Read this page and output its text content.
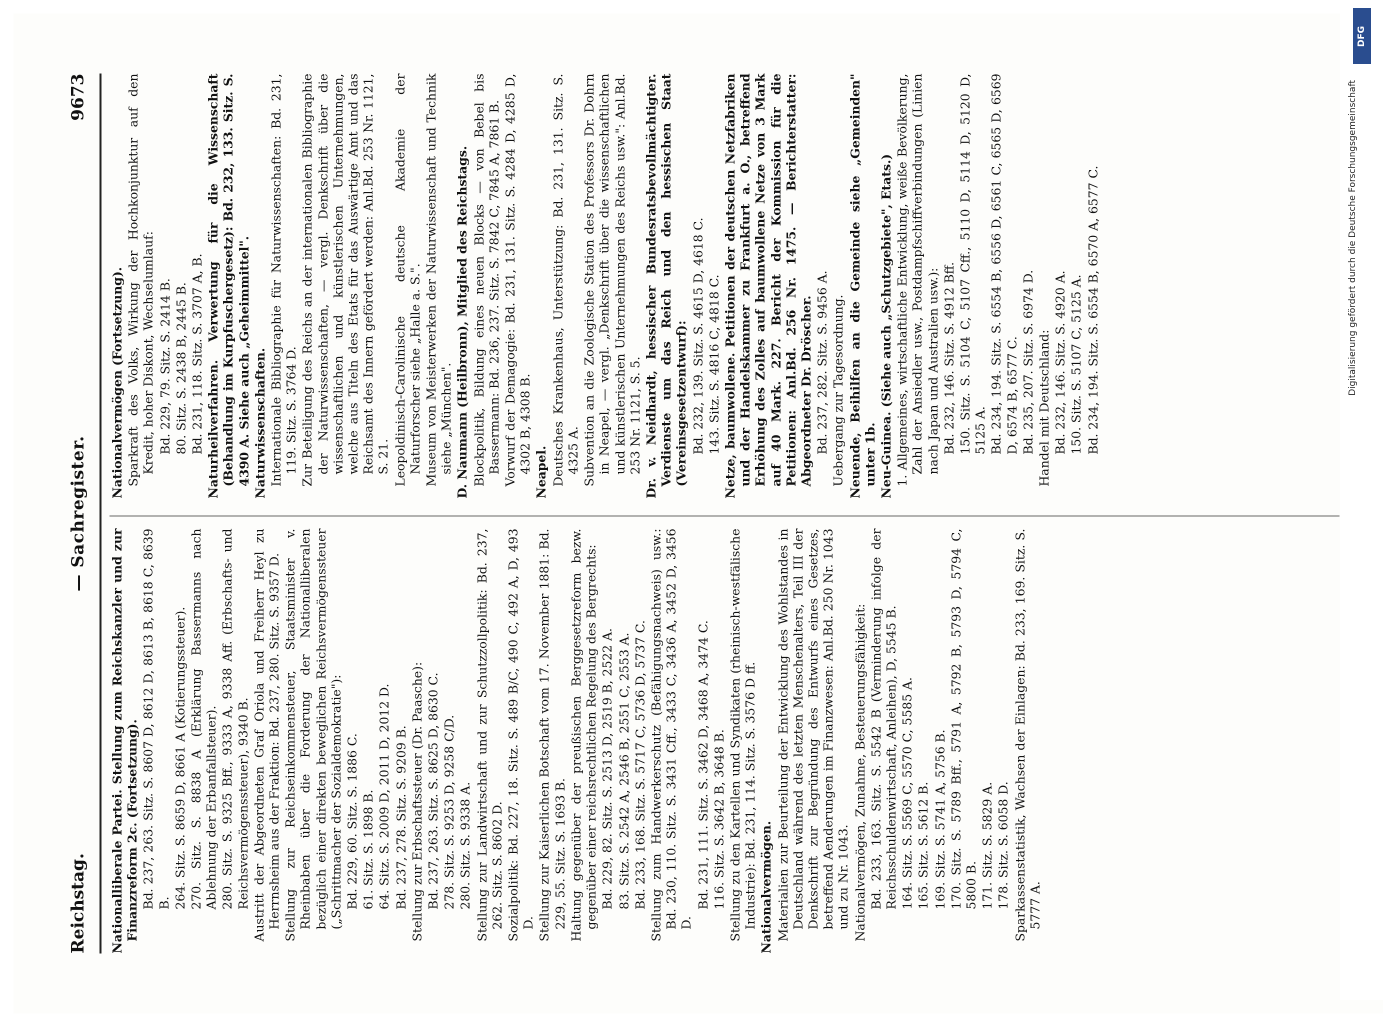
Reichstag.
— Sachregister.
9673

Nationalliberale Partei. Stellung zum Reichskanzler und zur Finanzreform 2c. (Fortsetzung). Bd. 237, 263. Sitz. S. 8607 D, 8612 D, 8613 B, 8618 C, 8639 B. 264. Sitz. S. 8659 D, 8661 A (Kotierungssteuer). 270. Sitz. S. 8838 A (Erklärung Bassermanns nach Ablehnung der Erbanfallsteuer). 280. Sitz. S. 9325 Bff., 9333 A, 9338 Aff. (Erbschafts- und Reichsvermögenssteuer), 9340 B. Austritt der Abgeordneten Graf Oriola und Freiherr Heyl zu Herrnsheim aus der Fraktion: Bd. 237, 280. Sitz. S. 9357 D. Stellung zur Reichseinkommensteuer, Staatsminister v. Rheinbaben über die Forderung der Nationalliberalen bezüglich einer direkten beweglichen Reichsvermögenssteuer („Schrittmacher der Sozialdemokratie"): Bd. 229, 60. Sitz. S. 1886 C. 61. Sitz. S. 1898 B. 64. Sitz. S. 2009 D, 2011 D, 2012 D. Bd. 237, 278. Sitz. S. 9209 B. Stellung zur Erbschaftssteuer (Dr. Paasche): Bd. 237, 263. Sitz. S. 8625 D, 8630 C. 278. Sitz. S. 9253 D, 9258 C/D. 280. Sitz. S. 9338 A. Stellung zur Landwirtschaft und zur Schutzzollpolitik: Bd. 237, 262. Sitz. S. 8602 D. Sozialpolitik: Bd. 227, 18. Sitz. S. 489 B/C, 490 C, 492 A, D, 493 D. Stellung zur Kaiserlichen Botschaft vom 17. November 1881: Bd. 229, 55. Sitz. S. 1693 B. Haltung gegenüber der preußischen Berggesetzreform bezw. gegenüber einer reichsrechtlichen Regelung des Bergrechts: Bd. 229, 82. Sitz. S. 2513 D, 2519 B, 2522 A. 83. Sitz. S. 2542 A, 2546 B, 2551 C, 2553 A. Bd. 233, 168. Sitz. S. 5717 C, 5736 D, 5737 C. Stellung zum Handwerkerschutz (Befähigungsnachweis) usw.: Bd. 230, 110. Sitz. S. 3431 Cff., 3433 C, 3436 A, 3452 D, 3456 D.

Bd. 231, 111. Sitz. S. 3462 D, 3468 A, 3474 C. 116. Sitz. S. 3642 B, 3648 B. Stellung zu den Kartellen und Syndikaten (rheinisch-westfälische Industrie): Bd. 231, 114. Sitz. S. 3576 D ff. Nationalvermögen. Materialien zur Beurteilung der Entwicklung des Wohlstandes in Deutschland während des letzten Menschenalters, Teil III der Denkschrift zur Begründung des Entwurfs eines Gesetzes, betreffend Aenderungen im Finanzwesen: Anl.Bd. 250 Nr. 1043 und zu Nr. 1043. Nationalvermögen, Zunahme, Besteuerungsfähigkeit: Bd. 233, 163. Sitz. S. 5542 B (Verminderung infolge der Reichsschuldenwirtschaft, Anleihen), D, 5545 B. 164. Sitz. S. 5569 C, 5570 C, 5585 A. 165. Sitz. S. 5612 B. 169. Sitz. S. 5741 A, 5756 B. 170. Sitz. S. 5789 Bff., 5791 A, 5792 B, 5793 D, 5794 C, 5800 B. 171. Sitz. S. 5829 A. 178. Sitz. S. 6058 D. Sparkassenstatistik, Wachsen der Einlagen: Bd. 233, 169. Sitz. S. 5777 A.

Nationalvermögen (Fortsetzung). Sparkraft des Volks, Wirkung der Hochkonjunktur auf den Kredit, hoher Diskont, Wechselumlauf: Bd. 229, 79. Sitz. S. 2414 B. 80. Sitz. S. 2438 B, 2445 B. Bd. 231, 118. Sitz. S. 3707 A, B. Naturheilverfahren. Verwertung für die Wissenschaft (Behandlung im Kurpfuschergesetz): Bd. 232, 133. Sitz. S. 4390 A. Siehe auch „Geheimmittel". Naturwissenschaften. Internationale Bibliographie für Naturwissenschaften: Bd. 231, 119. Sitz. S. 3764 D. Zur Beteiligung des Reichs an der internationalen Bibliographie der Naturwissenschaften, — vergl. Denkschrift über die wissenschaftlichen und künstlerischen Unternehmungen, welche aus Titeln des Etats für das Auswärtige Amt und das Reichsamt des Innern gefördert werden: Anl.Bd. 253 Nr. 1121, S. 21. Leopoldinisch-Carolinische deutsche Akademie der Naturforscher siehe „Halle a. S.". Museum von Meisterwerken der Naturwissenschaft und Technik siehe „München". D. Naumann (Heilbronn), Mitglied des Reichstags. Blockpolitik, Bildung eines neuen Blocks — von Bebel bis Bassermann: Bd. 236, 237. Sitz. S. 7842 C, 7845 A, 7861 B. Vorwurf der Demagogie: Bd. 231, 131. Sitz. S. 4284 D, 4285 D, 4302 B, 4308 B. Neapel. Deutsches Krankenhaus, Unterstützung: Bd. 231, 131. Sitz. S. 4325 A. Subvention an die Zoologische Station des Professors Dr. Dohrn in Neapel, — vergl. „Denkschrift über die wissenschaftlichen und künstlerischen Unternehmungen des Reichs usw.": Anl.Bd. 253 Nr. 1121, S. 5. Dr. v. Neidhardt, hessischer Bundesratsbevollmächtigter. Verdienste um das Reich und den hessischen Staat (Vereinsgesetzentwurf): Bd. 232, 139. Sitz. S. 4615 D, 4618 C. 143. Sitz. S. 4816 C, 4818 C. Netze, baumwollene. Petitionen der deutschen Netzfabriken und der Handelskammer zu Frankfurt a. O., betreffend Erhöhung des Zolles auf baumwollene Netze von 3 Mark auf 40 Mark. 227. Bericht der Kommission für die Petitionen: Anl.Bd. 256 Nr. 1475. — Berichterstatter: Abgeordneter Dr. Dröscher. Bd. 237, 282. Sitz. S. 9456 A. Uebergang zur Tagesordnung. Neuende, Beihilfen an die Gemeinde siehe „Gemeinden" unter 1b. Neu-Guinea. (Siehe auch „Schutzgebiete", Etats.) 1. Allgemeines, wirtschaftliche Entwicklung, weiße Bevölkerung, Zahl der Ansiedler usw., Postdampfschiffverbindungen (Linien nach Japan und Australien usw.): Bd. 232, 146. Sitz. S. 4912 Bff. 150. Sitz. S. 5104 C, 5107 Cff., 5110 D, 5114 D, 5120 D, 5125 A. Bd. 234, 194. Sitz. S. 6554 B, 6556 D, 6561 C, 6565 D, 6569 D, 6574 B, 6577 C. Bd. 235, 207. Sitz. S. 6974 D. Handel mit Deutschland: Bd. 232, 146. Sitz. S. 4920 A. 150. Sitz. S. 5107 C, 5125 A. Bd. 234, 194. Sitz. S. 6554 B, 6570 A, 6577 C.

DFG
Digitalisierung gefördert durch die Deutsche Forschungsgemeinschaft
